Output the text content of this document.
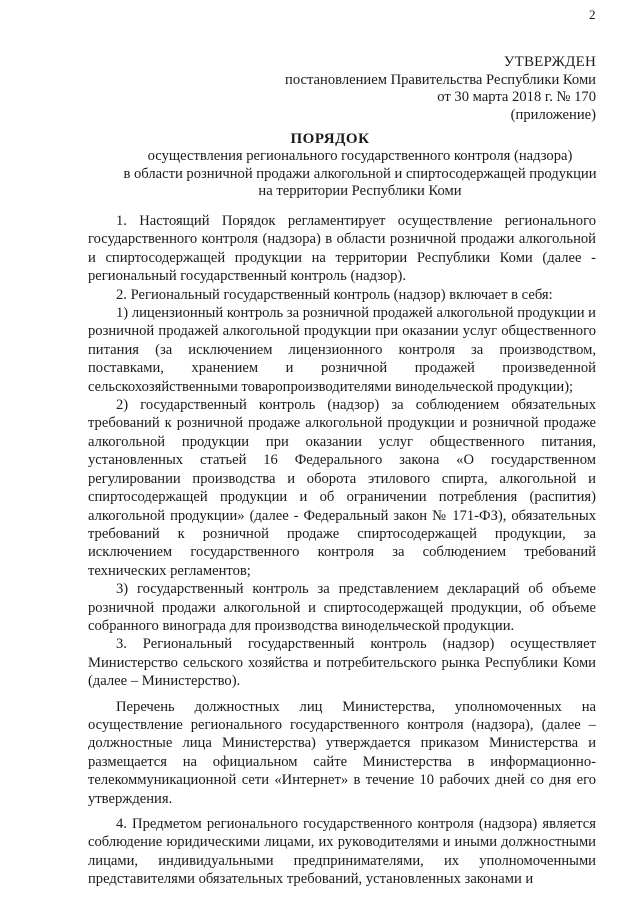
2
УТВЕРЖДЕН
постановлением Правительства Республики Коми
от 30 марта 2018 г. № 170
(приложение)
ПОРЯДОК
осуществления регионального государственного контроля (надзора)
в области розничной продажи алкогольной и спиртосодержащей продукции
на территории Республики Коми

1. Настоящий Порядок регламентирует осуществление регионального государственного контроля (надзора) в области розничной продажи алкогольной и спиртосодержащей продукции на территории Республики Коми (далее - региональный государственный контроль (надзор).

2. Региональный государственный контроль (надзор) включает в себя:

1) лицензионный контроль за розничной продажей алкогольной продукции и розничной продажей алкогольной продукции при оказании услуг общественного питания (за исключением лицензионного контроля за производством, поставками, хранением и розничной продажей произведенной сельскохозяйственными товаропроизводителями винодельческой продукции);

2) государственный контроль (надзор) за соблюдением обязательных требований к розничной продаже алкогольной продукции и розничной продаже алкогольной продукции при оказании услуг общественного питания, установленных статьей 16 Федерального закона «О государственном регулировании производства и оборота этилового спирта, алкогольной и спиртосодержащей продукции и об ограничении потребления (распития) алкогольной продукции» (далее - Федеральный закон № 171-ФЗ), обязательных требований к розничной продаже спиртосодержащей продукции, за исключением государственного контроля за соблюдением требований технических регламентов;

3) государственный контроль за представлением деклараций об объеме розничной продажи алкогольной и спиртосодержащей продукции, об объеме собранного винограда для производства винодельческой продукции.

3. Региональный государственный контроль (надзор) осуществляет Министерство сельского хозяйства и потребительского рынка Республики Коми (далее – Министерство).

Перечень должностных лиц Министерства, уполномоченных на осуществление регионального государственного контроля (надзора), (далее – должностные лица Министерства) утверждается приказом Министерства и размещается на официальном сайте Министерства в информационно-телекоммуникационной сети «Интернет» в течение 10 рабочих дней со дня его утверждения.

4. Предметом регионального государственного контроля (надзора) является соблюдение юридическими лицами, их руководителями и иными должностными лицами, индивидуальными предпринимателями, их уполномоченными представителями обязательных требований, установленных законами и
